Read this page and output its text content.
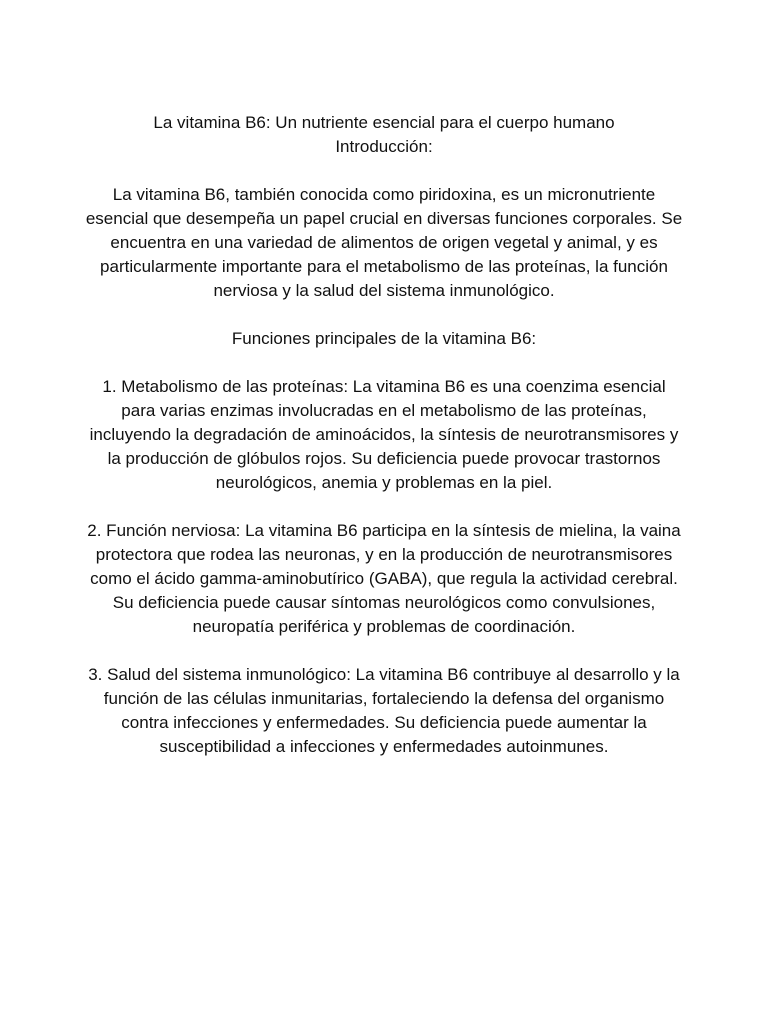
La vitamina B6: Un nutriente esencial para el cuerpo humano

Introducción:

La vitamina B6, también conocida como piridoxina, es un micronutriente esencial que desempeña un papel crucial en diversas funciones corporales. Se encuentra en una variedad de alimentos de origen vegetal y animal, y es particularmente importante para el metabolismo de las proteínas, la función nerviosa y la salud del sistema inmunológico.

Funciones principales de la vitamina B6:

1. Metabolismo de las proteínas: La vitamina B6 es una coenzima esencial para varias enzimas involucradas en el metabolismo de las proteínas, incluyendo la degradación de aminoácidos, la síntesis de neurotransmisores y la producción de glóbulos rojos. Su deficiencia puede provocar trastornos neurológicos, anemia y problemas en la piel.

2. Función nerviosa: La vitamina B6 participa en la síntesis de mielina, la vaina protectora que rodea las neuronas, y en la producción de neurotransmisores como el ácido gamma-aminobutírico (GABA), que regula la actividad cerebral. Su deficiencia puede causar síntomas neurológicos como convulsiones, neuropatía periférica y problemas de coordinación.

3. Salud del sistema inmunológico: La vitamina B6 contribuye al desarrollo y la función de las células inmunitarias, fortaleciendo la defensa del organismo contra infecciones y enfermedades. Su deficiencia puede aumentar la susceptibilidad a infecciones y enfermedades autoinmunes.
